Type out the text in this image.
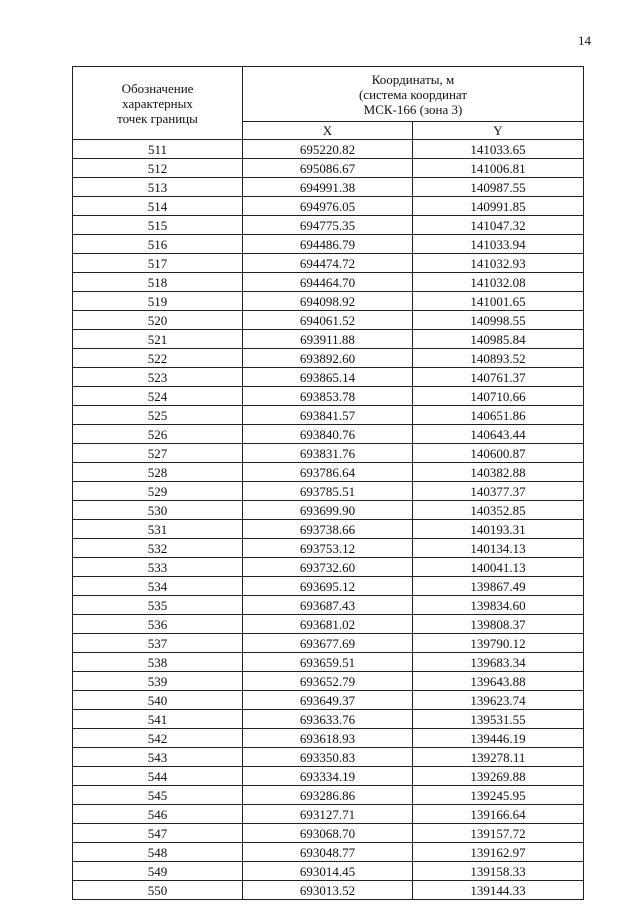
14
Обозначение
характерных
точек границы	Координаты, м
(система координат
МСК-166 (зона 3)	

	X	Y
511	695220.82	141033.65
512	695086.67	141006.81
513	694991.38	140987.55
514	694976.05	140991.85
515	694775.35	141047.32
516	694486.79	141033.94
517	694474.72	141032.93
518	694464.70	141032.08
519	694098.92	141001.65
520	694061.52	140998.55
521	693911.88	140985.84
522	693892.60	140893.52
523	693865.14	140761.37
524	693853.78	140710.66
525	693841.57	140651.86
526	693840.76	140643.44
527	693831.76	140600.87
528	693786.64	140382.88
529	693785.51	140377.37
530	693699.90	140352.85
531	693738.66	140193.31
532	693753.12	140134.13
533	693732.60	140041.13
534	693695.12	139867.49
535	693687.43	139834.60
536	693681.02	139808.37
537	693677.69	139790.12
538	693659.51	139683.34
539	693652.79	139643.88
540	693649.37	139623.74
541	693633.76	139531.55
542	693618.93	139446.19
543	693350.83	139278.11
544	693334.19	139269.88
545	693286.86	139245.95
546	693127.71	139166.64
547	693068.70	139157.72
548	693048.77	139162.97
549	693014.45	139158.33
550	693013.52	139144.33
